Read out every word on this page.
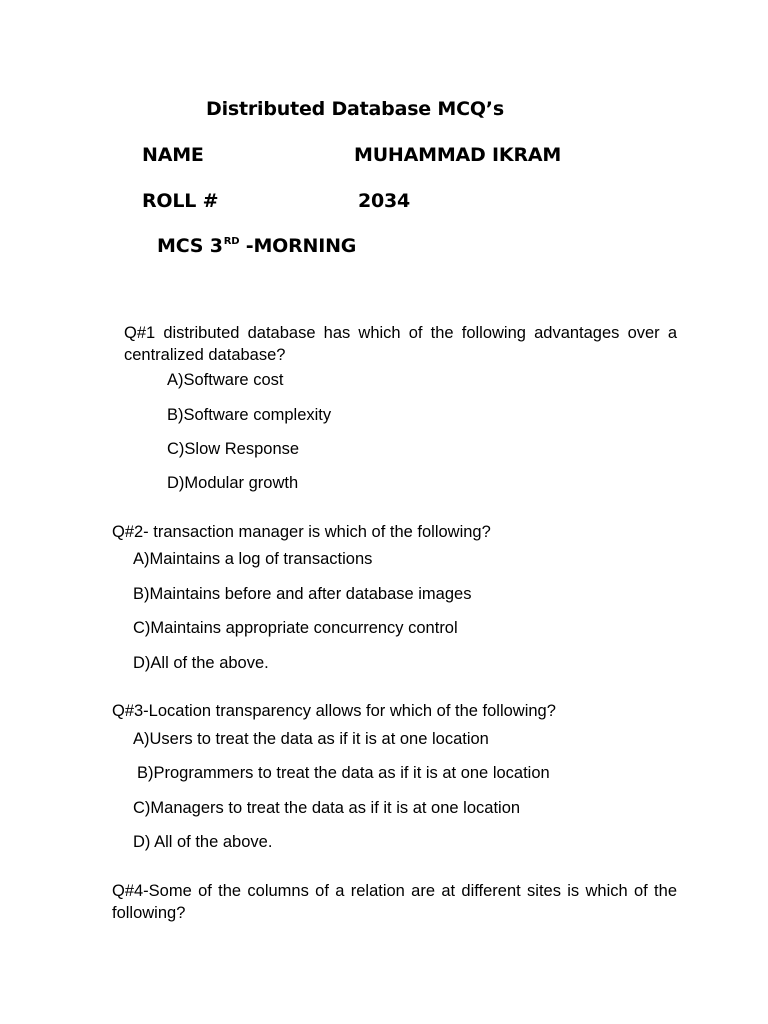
Distributed Database MCQ’s
NAME	MUHAMMAD IKRAM
ROLL #	2034
MCS 3RD -MORNING
Q#1 distributed database has which of the following advantages over a centralized database?
A)Software cost
B)Software complexity
C)Slow Response
D)Modular growth
Q#2- transaction manager is which of the following?
A)Maintains a log of transactions
B)Maintains before and after database images
C)Maintains appropriate concurrency control
D)All of the above.
Q#3-Location transparency allows for which of the following?
A)Users to treat the data as if it is at one location
B)Programmers to treat the data as if it is at one location
C)Managers to treat the data as if it is at one location
D) All of the above.
Q#4-Some of the columns of a relation are at different sites is which of the following?
